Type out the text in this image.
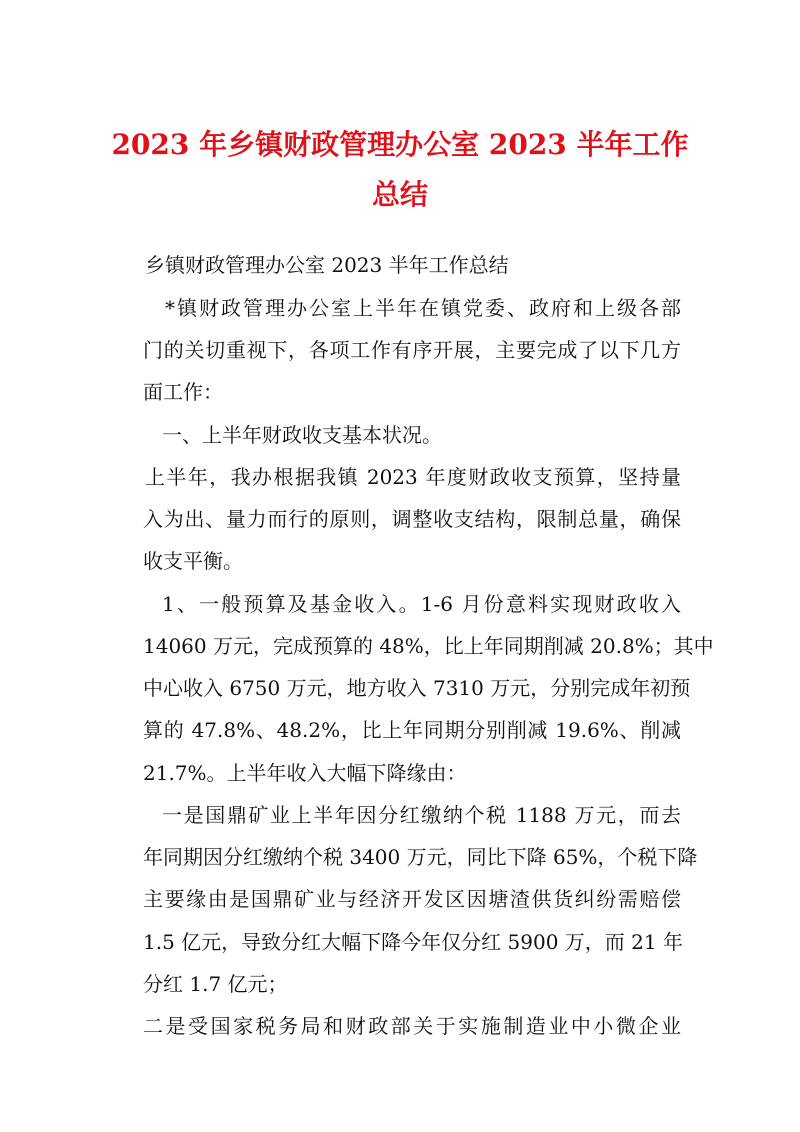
2023 年乡镇财政管理办公室 2023 半年工作
总结

乡镇财政管理办公室 2023 半年工作总结

*镇财政管理办公室上半年在镇党委、政府和上级各部

门的关切重视下，各项工作有序开展，主要完成了以下几方

面工作：

一、上半年财政收支基本状况。

上半年，我办根据我镇 2023 年度财政收支预算，坚持量

入为出、量力而行的原则，调整收支结构，限制总量，确保

收支平衡。

1、一般预算及基金收入。1-6 月份意料实现财政收入

14060 万元，完成预算的 48%，比上年同期削减 20.8%；其中

中心收入 6750 万元，地方收入 7310 万元，分别完成年初预

算的 47.8%、48.2%，比上年同期分别削减 19.6%、削减

21.7%。上半年收入大幅下降缘由：

一是国鼎矿业上半年因分红缴纳个税 1188 万元，而去

年同期因分红缴纳个税 3400 万元，同比下降 65%，个税下降

主要缘由是国鼎矿业与经济开发区因塘渣供货纠纷需赔偿

1.5 亿元，导致分红大幅下降今年仅分红 5900 万，而 21 年

分红 1.7 亿元；

二是受国家税务局和财政部关于实施制造业中小微企业
